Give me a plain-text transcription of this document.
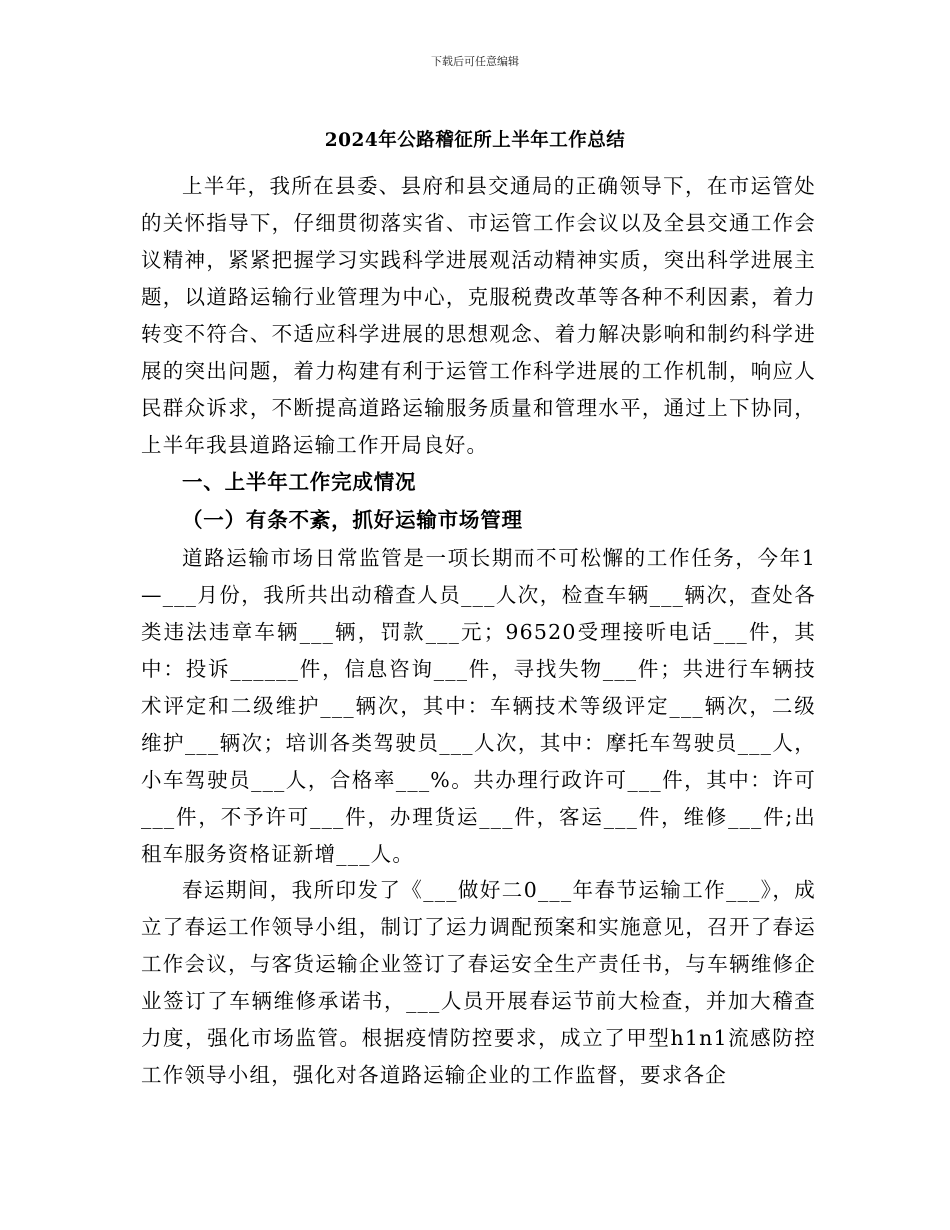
下载后可任意编辑
2024年公路稽征所上半年工作总结

上半年，我所在县委、县府和县交通局的正确领导下，在市运管处的关怀指导下，仔细贯彻落实省、市运管工作会议以及全县交通工作会议精神，紧紧把握学习实践科学进展观活动精神实质，突出科学进展主题，以道路运输行业管理为中心，克服税费改革等各种不利因素，着力转变不符合、不适应科学进展的思想观念、着力解决影响和制约科学进展的突出问题，着力构建有利于运管工作科学进展的工作机制，响应人民群众诉求，不断提高道路运输服务质量和管理水平，通过上下协同，上半年我县道路运输工作开局良好。

一、上半年工作完成情况

（一）有条不紊，抓好运输市场管理

道路运输市场日常监管是一项长期而不可松懈的工作任务，今年1—___月份，我所共出动稽查人员___人次，检查车辆___辆次，查处各类违法违章车辆___辆，罚款___元；96520受理接听电话___件，其中：投诉______件，信息咨询___件，寻找失物___件；共进行车辆技术评定和二级维护___辆次，其中：车辆技术等级评定___辆次，二级维护___辆次；培训各类驾驶员___人次，其中：摩托车驾驶员___人，小车驾驶员___人，合格率___%。共办理行政许可___件，其中：许可___件，不予许可___件，办理货运___件，客运___件，维修___件;出租车服务资格证新增___人。

春运期间，我所印发了《___做好二0___年春节运输工作___》，成立了春运工作领导小组，制订了运力调配预案和实施意见，召开了春运工作会议，与客货运输企业签订了春运安全生产责任书，与车辆维修企业签订了车辆维修承诺书，___人员开展春运节前大检查，并加大稽查力度，强化市场监管。根据疫情防控要求，成立了甲型h1n1流感防控工作领导小组，强化对各道路运输企业的工作监督，要求各企
